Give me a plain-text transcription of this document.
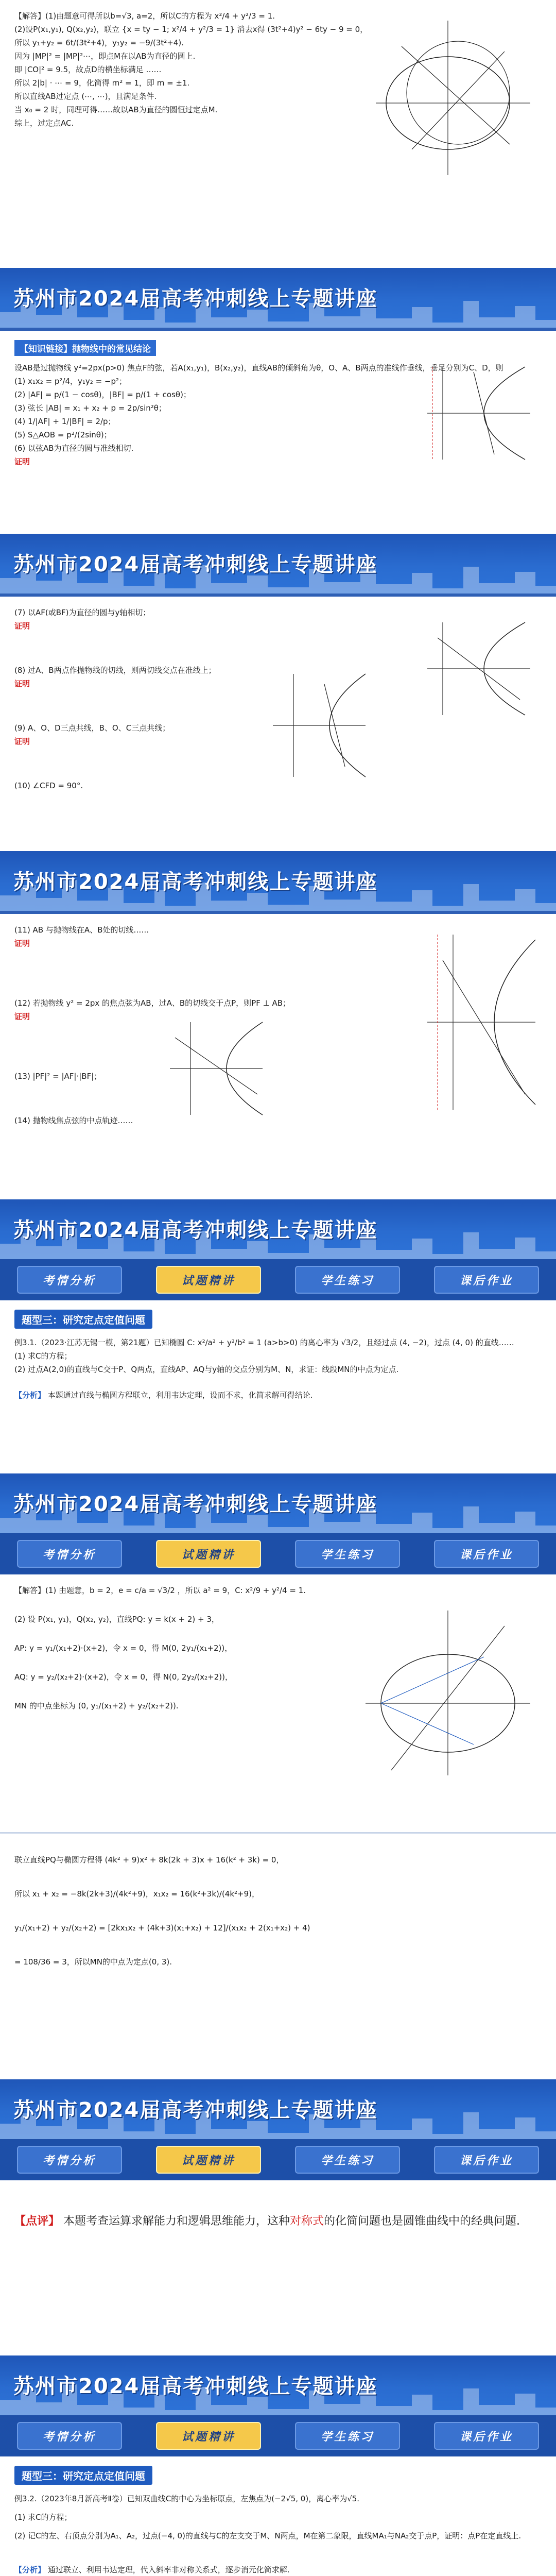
【解答】(1)由题意可得所以b=√3, a=2，所以C的方程为 x²/4 + y²/3 = 1.

(2)设P(x₁,y₁), Q(x₂,y₂)，联立 {x = ty − 1; x²/4 + y²/3 = 1} 消去x得 (3t²+4)y² − 6ty − 9 = 0，

所以 y₁+y₂ = 6t/(3t²+4)，y₁y₂ = −9/(3t²+4).

因为 |MP|² = |MP|²⋯，即点M在以AB为直径的圆上.

即 |CO|² = 9.5，故点D的横坐标满足 ……

所以 2|b| · ⋯ = 9，化简得 m² = 1，即 m = ±1.

所以直线AB过定点 (⋯, ⋯)，且满足条件.

当 x₀ = 2 时，同理可得……故以AB为直径的圆恒过定点M.

综上，过定点AC.

苏州市2024届高考冲刺线上专题讲座
【知识链接】抛物线中的常见结论

设AB是过抛物线 y²=2px(p>0) 焦点F的弦，若A(x₁,y₁)，B(x₂,y₂)，直线AB的倾斜角为θ，O、A、B两点的准线作垂线，垂足分别为C、D，则

(1) x₁x₂ = p²/4，y₁y₂ = −p²；

(2) |AF| = p/(1 − cosθ)，|BF| = p/(1 + cosθ)；

(3) 弦长 |AB| = x₁ + x₂ + p = 2p/sin²θ；

(4) 1/|AF| + 1/|BF| = 2/p；

(5) S△AOB = p²/(2sinθ)；

(6) 以弦AB为直径的圆与准线相切.

证明

苏州市2024届高考冲刺线上专题讲座

(7) 以AF(或BF)为直径的圆与y轴相切；

证明

(8) 过A、B两点作抛物线的切线，则两切线交点在准线上；

证明

(9) A、O、D三点共线，B、O、C三点共线；

证明

(10) ∠CFD = 90°.

苏州市2024届高考冲刺线上专题讲座

(11) AB 与抛物线在A、B处的切线……

证明

(12) 若抛物线 y² = 2px 的焦点弦为AB，过A、B的切线交于点P，则PF ⊥ AB；

证明

(13) |PF|² = |AF|·|BF|；

(14) 抛物线焦点弦的中点轨迹……

苏州市2024届高考冲刺线上专题讲座
考情分析	试题精讲	学生练习	课后作业
题型三：研究定点定值问题

例3.1.（2023·江苏无锡一模，第21题）已知椭圆 C: x²/a² + y²/b² = 1 (a>b>0) 的离心率为 √3/2，且经过点 (4, −2)，过点 (4, 0) 的直线……

(1) 求C的方程；

(2) 过点A(2,0)的直线与C交于P、Q两点，直线AP、AQ与y轴的交点分别为M、N，求证：线段MN的中点为定点.

【分析】 本题通过直线与椭圆方程联立，利用韦达定理，设而不求，化简求解可得结论.

苏州市2024届高考冲刺线上专题讲座
考情分析	试题精讲	学生练习	课后作业

【解答】(1) 由题意，b = 2，e = c/a = √3/2 ，所以 a² = 9，C: x²/9 + y²/4 = 1.

(2) 设 P(x₁, y₁)，Q(x₂, y₂)，直线PQ: y = k(x + 2) + 3，

AP: y = y₁/(x₁+2)·(x+2)，令 x = 0，得 M(0, 2y₁/(x₁+2))，

AQ: y = y₂/(x₂+2)·(x+2)，令 x = 0，得 N(0, 2y₂/(x₂+2))，

MN 的中点坐标为 (0, y₁/(x₁+2) + y₂/(x₂+2)).

联立直线PQ与椭圆方程得 (4k² + 9)x² + 8k(2k + 3)x + 16(k² + 3k) = 0，

所以 x₁ + x₂ = −8k(2k+3)/(4k²+9)，x₁x₂ = 16(k²+3k)/(4k²+9)，

y₁/(x₁+2) + y₂/(x₂+2) = [2kx₁x₂ + (4k+3)(x₁+x₂) + 12]/(x₁x₂ + 2(x₁+x₂) + 4)

= 108/36 = 3，所以MN的中点为定点(0, 3).

苏州市2024届高考冲刺线上专题讲座
考情分析	试题精讲	学生练习	课后作业

【点评】 本题考查运算求解能力和逻辑思维能力，这种对称式的化简问题也是圆锥曲线中的经典问题.

苏州市2024届高考冲刺线上专题讲座
考情分析	试题精讲	学生练习	课后作业
题型三：研究定点定值问题

例3.2.（2023年8月新高考Ⅱ卷）已知双曲线C的中心为坐标原点，左焦点为(−2√5, 0)，离心率为√5.

(1) 求C的方程；

(2) 记C的左、右顶点分别为A₁、A₂，过点(−4, 0)的直线与C的左支交于M、N两点，M在第二象限，直线MA₁与NA₂交于点P，证明：点P在定直线上.

【分析】 通过联立、利用韦达定理，代入斜率非对称关系式，逐步消元化简求解.
